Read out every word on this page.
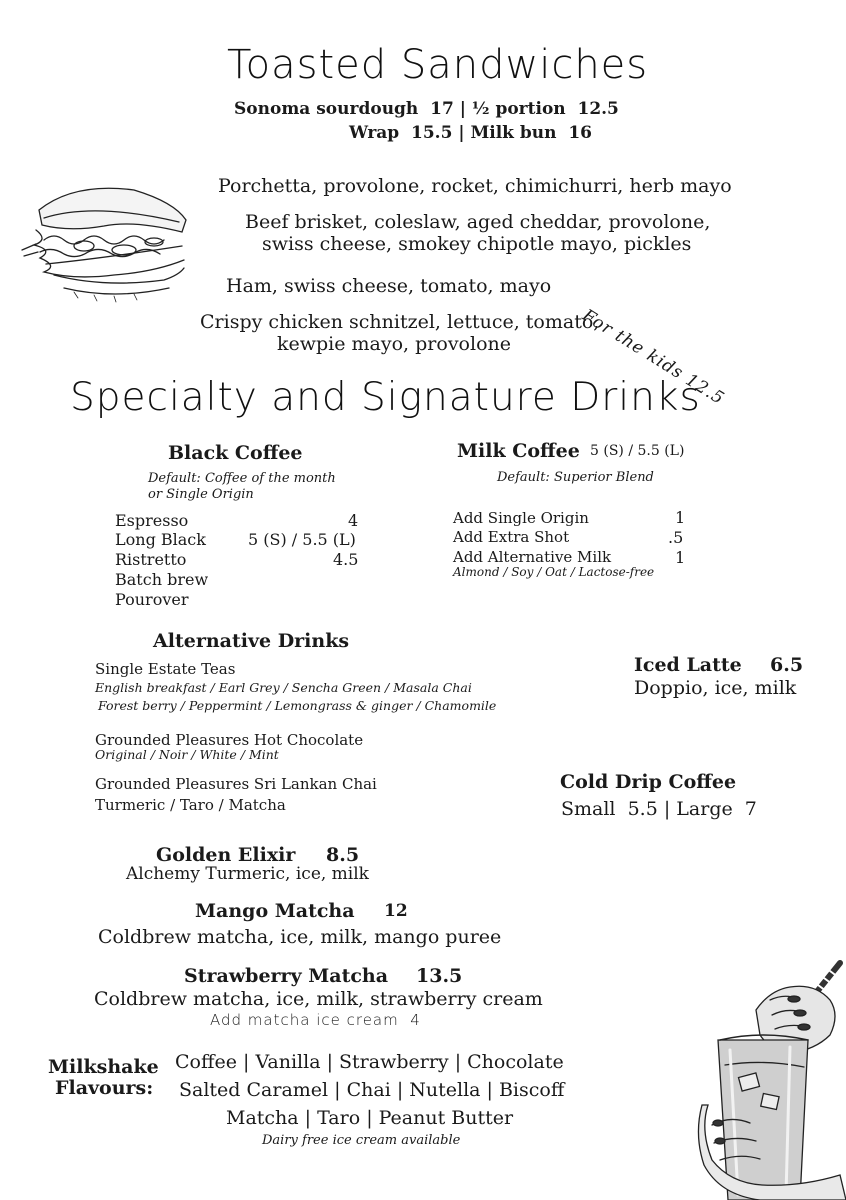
Toasted Sandwiches
Sonoma sourdough  17 | ½ portion  12.5
Wrap  15.5 | Milk bun  16
Porchetta, provolone, rocket, chimichurri, herb mayo
Beef brisket, coleslaw, aged cheddar, provolone,
swiss cheese, smokey chipotle mayo, pickles
Ham, swiss cheese, tomato, mayo
Crispy chicken schnitzel, lettuce, tomato,
kewpie mayo, provolone	For the kids 12.5
Specialty and Signature Drinks
Black Coffee
Default: Coffee of the month
or Single Origin
Espresso
Long Black
Ristretto
Batch brew
Pourover
4
5 (S) / 5.5 (L)
4.5
Milk Coffee 5 (S) / 5.5 (L)
Default: Superior Blend
Add Single Origin
Add Extra Shot
Add Alternative Milk
1
.5
1
Almond / Soy / Oat / Lactose-free
Alternative Drinks
Single Estate Teas
English breakfast / Earl Grey / Sencha Green / Masala Chai
Forest berry / Peppermint / Lemongrass & ginger / Chamomile
Grounded Pleasures Hot Chocolate
Original / Noir / White / Mint
Grounded Pleasures Sri Lankan Chai
Turmeric / Taro / Matcha
Iced Latte 6.5
Doppio, ice, milk
Cold Drip Coffee
Small  5.5 | Large  7
Golden Elixir 8.5
Alchemy Turmeric, ice, milk
Mango Matcha 12
Coldbrew matcha, ice, milk, mango puree
Strawberry Matcha 13.5
Coldbrew matcha, ice, milk, strawberry cream
Add matcha ice cream  4
Milkshake
Flavours:
Coffee | Vanilla | Strawberry | Chocolate
Salted Caramel | Chai | Nutella | Biscoff
Matcha | Taro | Peanut Butter
Dairy free ice cream available
